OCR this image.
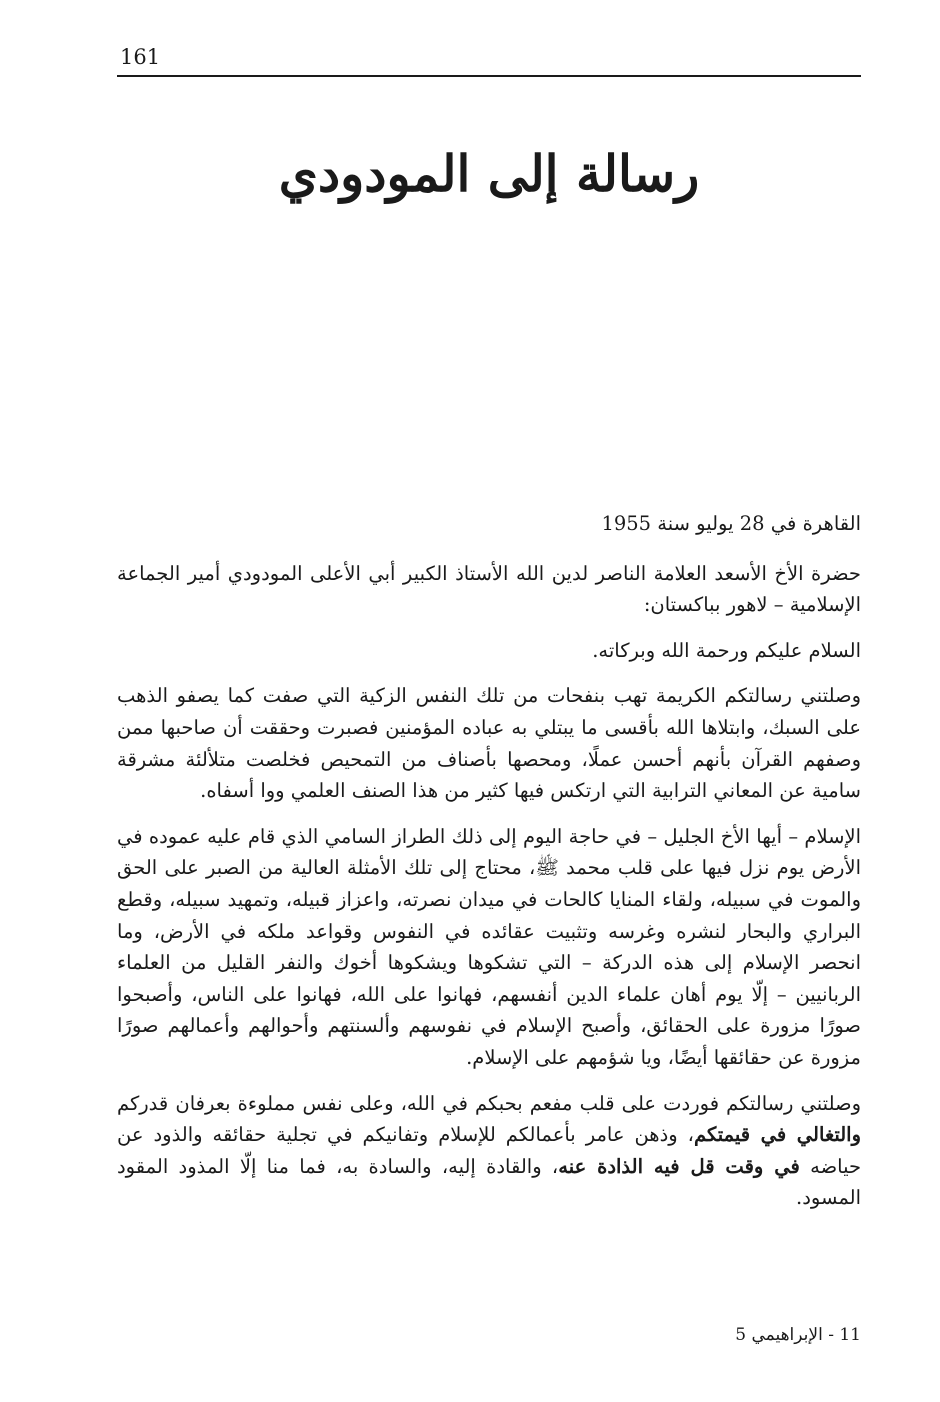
161
رسالة إلى المودودي

القاهرة في 28 يوليو سنة 1955

حضرة الأخ الأسعد العلامة الناصر لدين الله الأستاذ الكبير أبي الأعلى المودودي أمير الجماعة الإسلامية – لاهور بباكستان:

السلام عليكم ورحمة الله وبركاته.

وصلتني رسالتكم الكريمة تهب بنفحات من تلك النفس الزكية التي صفت كما يصفو الذهب على السبك، وابتلاها الله بأقسى ما يبتلي به عباده المؤمنين فصبرت وحققت أن صاحبها ممن وصفهم القرآن بأنهم أحسن عملًا، ومحصها بأصناف من التمحيص فخلصت متلألئة مشرقة سامية عن المعاني الترابية التي ارتكس فيها كثير من هذا الصنف العلمي ووا أسفاه.

الإسلام – أيها الأخ الجليل – في حاجة اليوم إلى ذلك الطراز السامي الذي قام عليه عموده في الأرض يوم نزل فيها على قلب محمد ﷺ، محتاج إلى تلك الأمثلة العالية من الصبر على الحق والموت في سبيله، ولقاء المنايا كالحات في ميدان نصرته، واعزاز قبيله، وتمهيد سبيله، وقطع البراري والبحار لنشره وغرسه وتثبيت عقائده في النفوس وقواعد ملكه في الأرض، وما انحصر الإسلام إلى هذه الدركة – التي تشكوها ويشكوها أخوك والنفر القليل من العلماء الربانيين – إلّا يوم أهان علماء الدين أنفسهم، فهانوا على الله، فهانوا على الناس، وأصبحوا صورًا مزورة على الحقائق، وأصبح الإسلام في نفوسهم وألسنتهم وأحوالهم وأعمالهم صورًا مزورة عن حقائقها أيضًا، ويا شؤمهم على الإسلام.

وصلتني رسالتكم فوردت على قلب مفعم بحبكم في الله، وعلى نفس مملوءة بعرفان قدركم والتغالي في قيمتكم، وذهن عامر بأعمالكم للإسلام وتفانيكم في تجلية حقائقه والذود عن حياضه في وقت قل فيه الذادة عنه، والقادة إليه، والسادة به، فما منا إلّا المذود المقود المسود.

11 - الإبراهيمي 5
